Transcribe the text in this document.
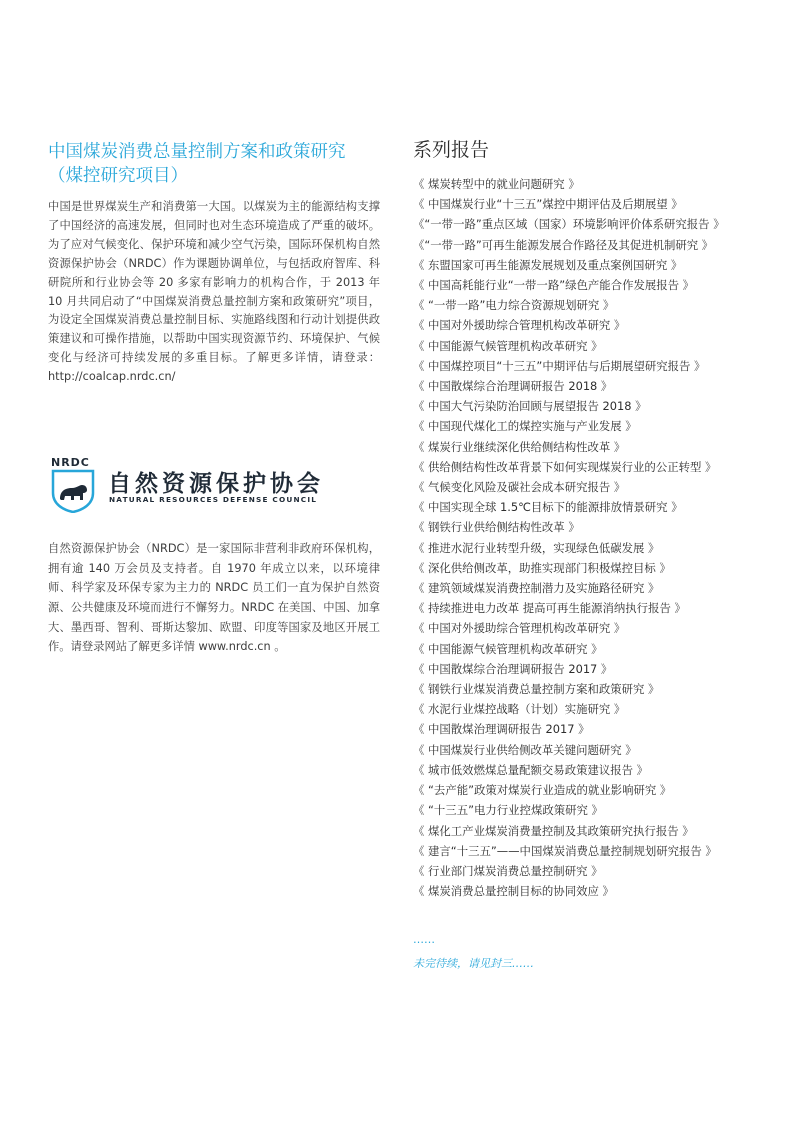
中国煤炭消费总量控制方案和政策研究
（煤控研究项目）

中国是世界煤炭生产和消费第一大国。以煤炭为主的能源结构支撑了中国经济的高速发展，但同时也对生态环境造成了严重的破坏。为了应对气候变化、保护环境和减少空气污染，国际环保机构自然资源保护协会（NRDC）作为课题协调单位，与包括政府智库、科研院所和行业协会等 20 多家有影响力的机构合作，于 2013 年 10 月共同启动了“中国煤炭消费总量控制方案和政策研究”项目，为设定全国煤炭消费总量控制目标、实施路线图和行动计划提供政策建议和可操作措施，以帮助中国实现资源节约、环境保护、气候变化与经济可持续发展的多重目标。了解更多详情，请登录：http://coalcap.nrdc.cn/

NRDC
自然资源保护协会
NATURAL RESOURCES DEFENSE COUNCIL

自然资源保护协会（NRDC）是一家国际非营利非政府环保机构，拥有逾 140 万会员及支持者。自 1970 年成立以来，以环境律师、科学家及环保专家为主力的 NRDC 员工们一直为保护自然资源、公共健康及环境而进行不懈努力。NRDC 在美国、中国、加拿大、墨西哥、智利、哥斯达黎加、欧盟、印度等国家及地区开展工作。请登录网站了解更多详情 www.nrdc.cn 。

系列报告
《 煤炭转型中的就业问题研究 》
《 中国煤炭行业“十三五”煤控中期评估及后期展望 》
《“一带一路”重点区域（国家）环境影响评价体系研究报告 》
《“一带一路”可再生能源发展合作路径及其促进机制研究 》
《 东盟国家可再生能源发展规划及重点案例国研究 》
《 中国高耗能行业“一带一路”绿色产能合作发展报告 》
《 “一带一路”电力综合资源规划研究 》
《 中国对外援助综合管理机构改革研究 》
《 中国能源气候管理机构改革研究 》
《 中国煤控项目“十三五”中期评估与后期展望研究报告 》
《 中国散煤综合治理调研报告 2018 》
《 中国大气污染防治回顾与展望报告 2018 》
《 中国现代煤化工的煤控实施与产业发展 》
《 煤炭行业继续深化供给侧结构性改革 》
《 供给侧结构性改革背景下如何实现煤炭行业的公正转型 》
《 气候变化风险及碳社会成本研究报告 》
《 中国实现全球 1.5℃目标下的能源排放情景研究 》
《 钢铁行业供给侧结构性改革 》
《 推进水泥行业转型升级，实现绿色低碳发展 》
《 深化供给侧改革，助推实现部门积极煤控目标 》
《 建筑领域煤炭消费控制潜力及实施路径研究 》
《 持续推进电力改革 提高可再生能源消纳执行报告 》
《 中国对外援助综合管理机构改革研究 》
《 中国能源气候管理机构改革研究 》
《 中国散煤综合治理调研报告 2017 》
《 钢铁行业煤炭消费总量控制方案和政策研究 》
《 水泥行业煤控战略（计划）实施研究 》
《 中国散煤治理调研报告 2017 》
《 中国煤炭行业供给侧改革关键问题研究 》
《 城市低效燃煤总量配额交易政策建议报告 》
《 “去产能”政策对煤炭行业造成的就业影响研究 》
《 “十三五”电力行业控煤政策研究 》
《 煤化工产业煤炭消费量控制及其政策研究执行报告 》
《 建言“十三五”——中国煤炭消费总量控制规划研究报告 》
《 行业部门煤炭消费总量控制研究 》
《 煤炭消费总量控制目标的协同效应 》
……
未完待续，请见封三……
